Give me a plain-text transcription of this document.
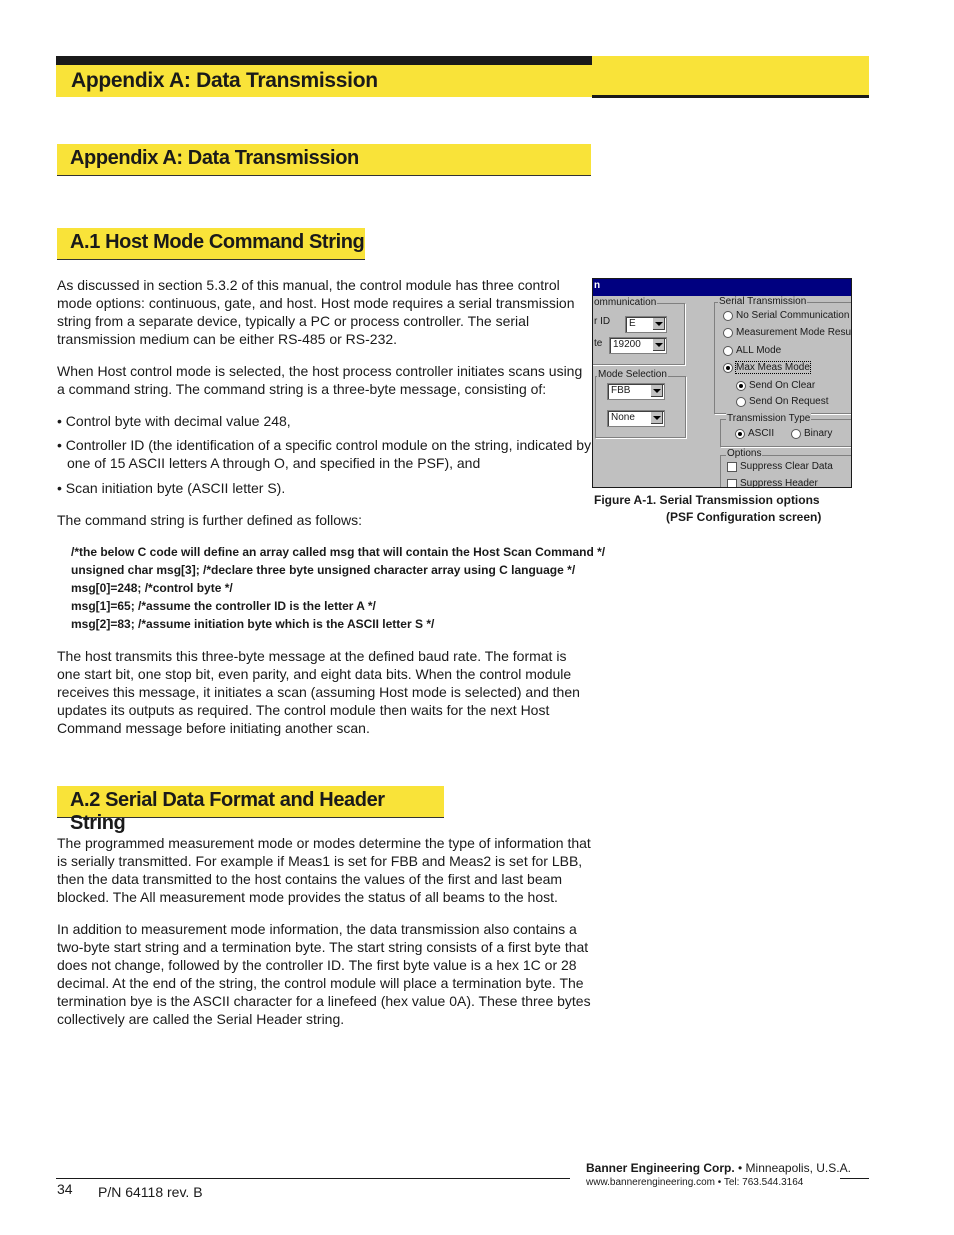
Appendix A: Data Transmission
Appendix A: Data Transmission
A.1 Host Mode Command String

As discussed in section 5.3.2 of this manual, the control module has three control mode options: continuous, gate, and host. Host mode requires a serial transmission string from a separate device, typically a PC or process controller. The serial transmission medium can be either RS-485 or RS-232.

When Host control mode is selected, the host process controller initiates scans using a command string. The command string is a three-byte message, consisting of:

• Control byte with decimal value 248,

• Controller ID (the identification of a specific control module on the string, indicated by one of 15 ASCII letters A through O, and specified in the PSF), and

• Scan initiation byte (ASCII letter S).

The command string is further defined as follows:

/*the below C code will define an array called msg that will contain the Host Scan Command */
unsigned char msg[3]; /*declare three byte unsigned character array using C language */
msg[0]=248; /*control byte */
msg[1]=65; /*assume the controller ID is the letter A */
msg[2]=83; /*assume initiation byte which is the ASCII letter S */

The host transmits this three-byte message at the defined baud rate. The format is one start bit, one stop bit, even parity, and eight data bits. When the control module receives this message, it initiates a scan (assuming Host mode is selected) and then updates its outputs as required. The control module then waits for the next Host Command message before initiating another scan.

A.2 Serial Data Format and Header String

The programmed measurement mode or modes determine the type of information that is serially transmitted. For example if Meas1 is set for FBB and Meas2 is set for LBB, then the data transmitted to the host contains the values of the first and last beam blocked. The All measurement mode provides the status of all beams to the host.

In addition to measurement mode information, the data transmission also contains a two-byte start string and a termination byte. The start string consists of a first byte that does not change, followed by the controller ID. The first byte value is a hex 1C or 28 decimal. At the end of the string, the control module will place a termination byte. The termination bye is the ASCII character for a linefeed (hex value 0A). These three bytes collectively are called the Serial Header string.

n
ommunication
r ID E
te 19200
Mode Selection
FBB
None
Serial Transmission
No Serial Communication
Measurement Mode Resu
ALL Mode
Max Meas Mode
Send On Clear
Send On Request
Transmission Type
ASCII	Binary
Options
Suppress Clear Data
Suppress Header
Figure A-1. Serial Transmission options
(PSF Configuration screen)
34 P/N 64118 rev. B
Banner Engineering Corp. • Minneapolis, U.S.A.
www.bannerengineering.com • Tel: 763.544.3164
